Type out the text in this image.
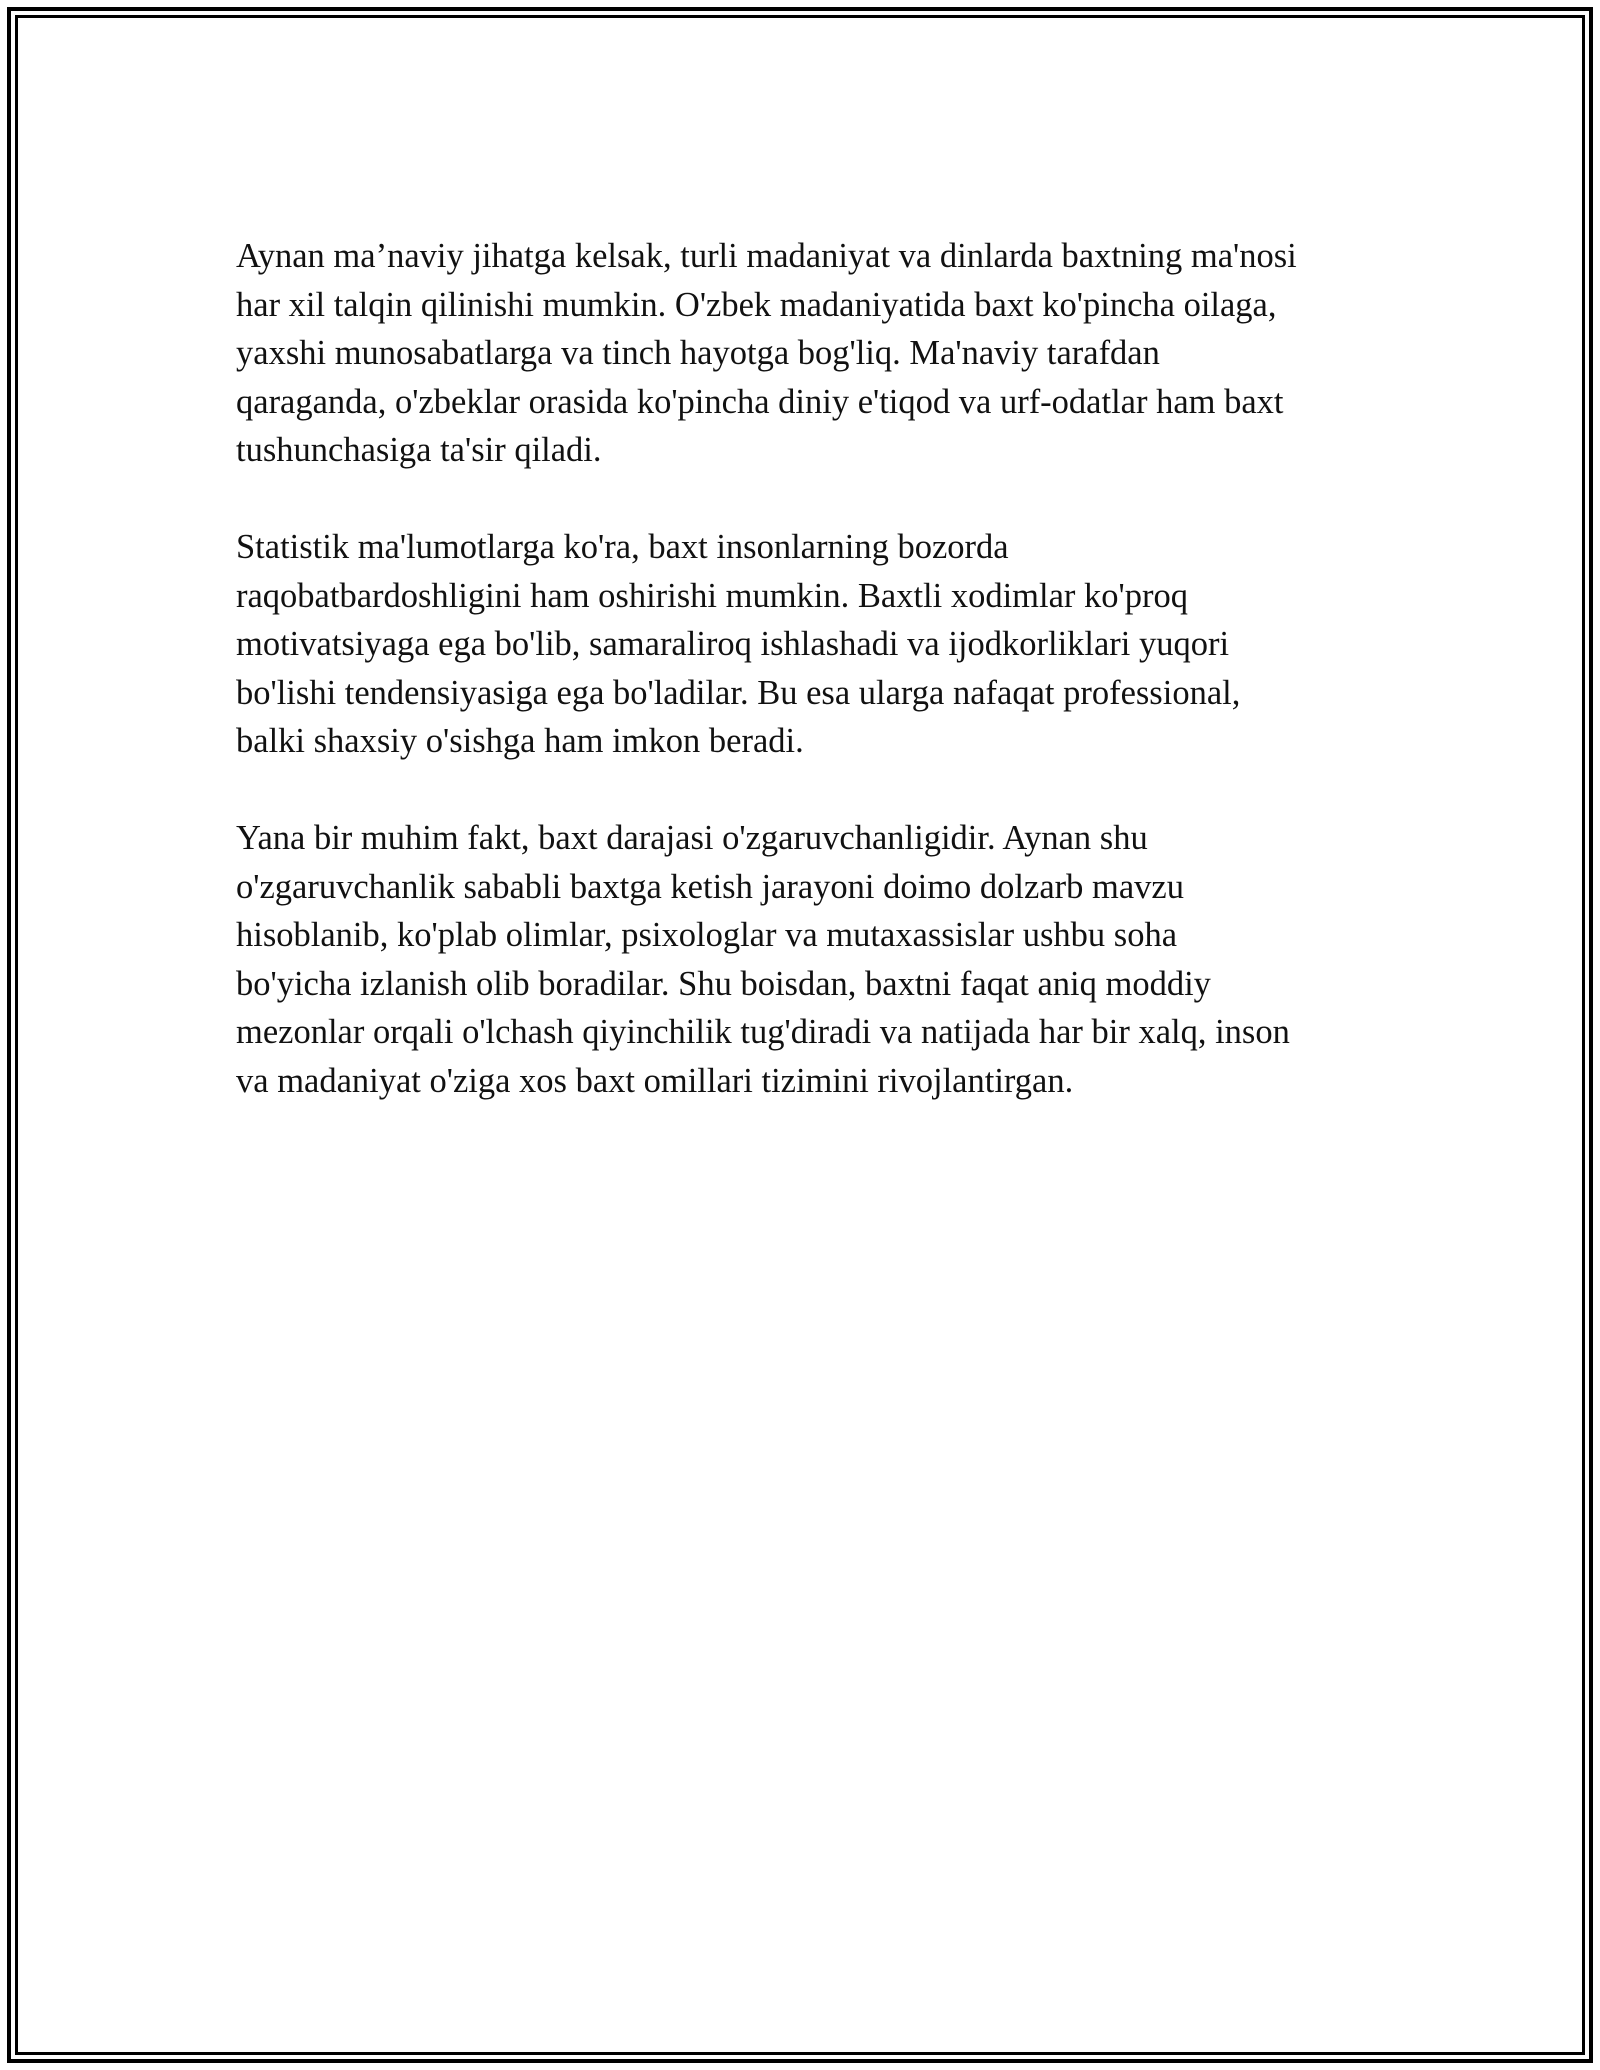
Aynan ma’naviy jihatga kelsak, turli madaniyat va dinlarda baxtning ma'nosi
har xil talqin qilinishi mumkin. O'zbek madaniyatida baxt ko'pincha oilaga,
yaxshi munosabatlarga va tinch hayotga bog'liq. Ma'naviy tarafdan
qaraganda, o'zbeklar orasida ko'pincha diniy e'tiqod va urf-odatlar ham baxt
tushunchasiga ta'sir qiladi.

Statistik ma'lumotlarga ko'ra, baxt insonlarning bozorda
raqobatbardoshligini ham oshirishi mumkin. Baxtli xodimlar ko'proq
motivatsiyaga ega bo'lib, samaraliroq ishlashadi va ijodkorliklari yuqori
bo'lishi tendensiyasiga ega bo'ladilar. Bu esa ularga nafaqat professional,
balki shaxsiy o'sishga ham imkon beradi.

Yana bir muhim fakt, baxt darajasi o'zgaruvchanligidir. Aynan shu
o'zgaruvchanlik sababli baxtga ketish jarayoni doimo dolzarb mavzu
hisoblanib, ko'plab olimlar, psixologlar va mutaxassislar ushbu soha
bo'yicha izlanish olib boradilar. Shu boisdan, baxtni faqat aniq moddiy
mezonlar orqali o'lchash qiyinchilik tug'diradi va natijada har bir xalq, inson
va madaniyat o'ziga xos baxt omillari tizimini rivojlantirgan.
